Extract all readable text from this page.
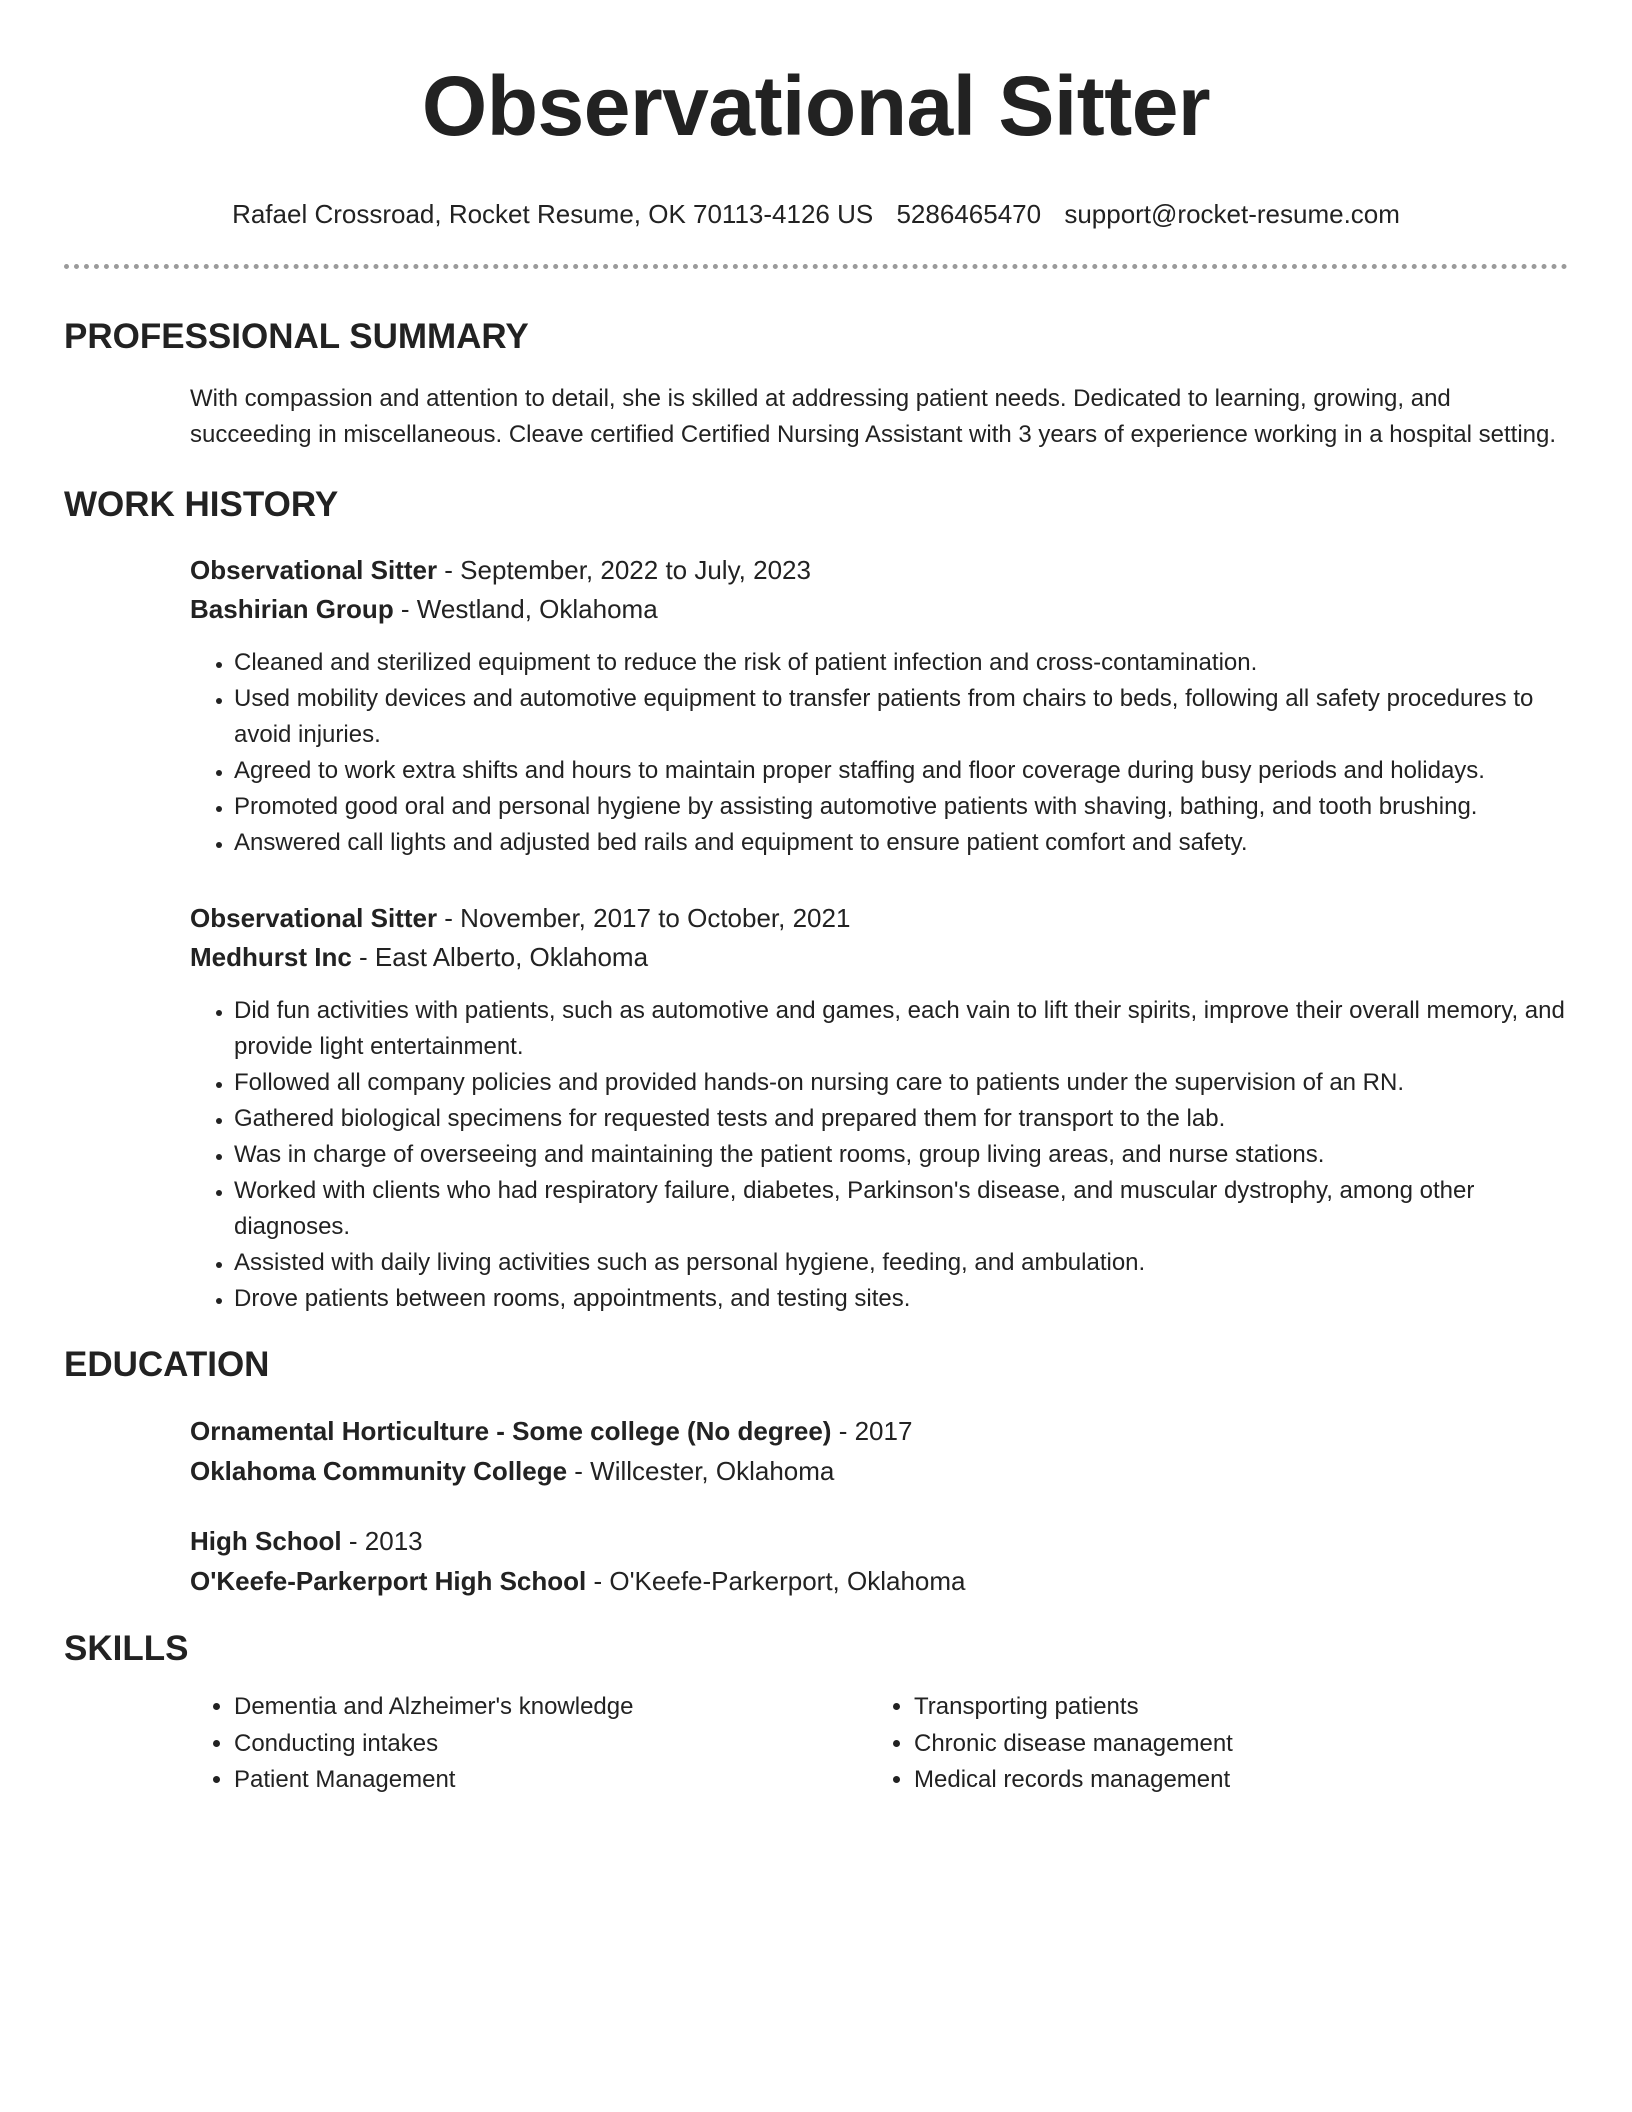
Observational Sitter
Rafael Crossroad, Rocket Resume, OK 70113-4126 US 5286465470 support@rocket-resume.com
PROFESSIONAL SUMMARY
With compassion and attention to detail, she is skilled at addressing patient needs. Dedicated to learning, growing, and succeeding in miscellaneous. Cleave certified Certified Nursing Assistant with 3 years of experience working in a hospital setting.
WORK HISTORY
Observational Sitter - September, 2022 to July, 2023
Bashirian Group - Westland, Oklahoma
• Cleaned and sterilized equipment to reduce the risk of patient infection and cross-contamination.
• Used mobility devices and automotive equipment to transfer patients from chairs to beds, following all safety procedures to avoid injuries.
• Agreed to work extra shifts and hours to maintain proper staffing and floor coverage during busy periods and holidays.
• Promoted good oral and personal hygiene by assisting automotive patients with shaving, bathing, and tooth brushing.
• Answered call lights and adjusted bed rails and equipment to ensure patient comfort and safety.
Observational Sitter - November, 2017 to October, 2021
Medhurst Inc - East Alberto, Oklahoma
• Did fun activities with patients, such as automotive and games, each vain to lift their spirits, improve their overall memory, and provide light entertainment.
• Followed all company policies and provided hands-on nursing care to patients under the supervision of an RN.
• Gathered biological specimens for requested tests and prepared them for transport to the lab.
• Was in charge of overseeing and maintaining the patient rooms, group living areas, and nurse stations.
• Worked with clients who had respiratory failure, diabetes, Parkinson's disease, and muscular dystrophy, among other diagnoses.
• Assisted with daily living activities such as personal hygiene, feeding, and ambulation.
• Drove patients between rooms, appointments, and testing sites.
EDUCATION
Ornamental Horticulture - Some college (No degree) - 2017
Oklahoma Community College - Willcester, Oklahoma
High School - 2013
O'Keefe-Parkerport High School - O'Keefe-Parkerport, Oklahoma
SKILLS
• Dementia and Alzheimer's knowledge
• Conducting intakes
• Patient Management
• Transporting patients
• Chronic disease management
• Medical records management
